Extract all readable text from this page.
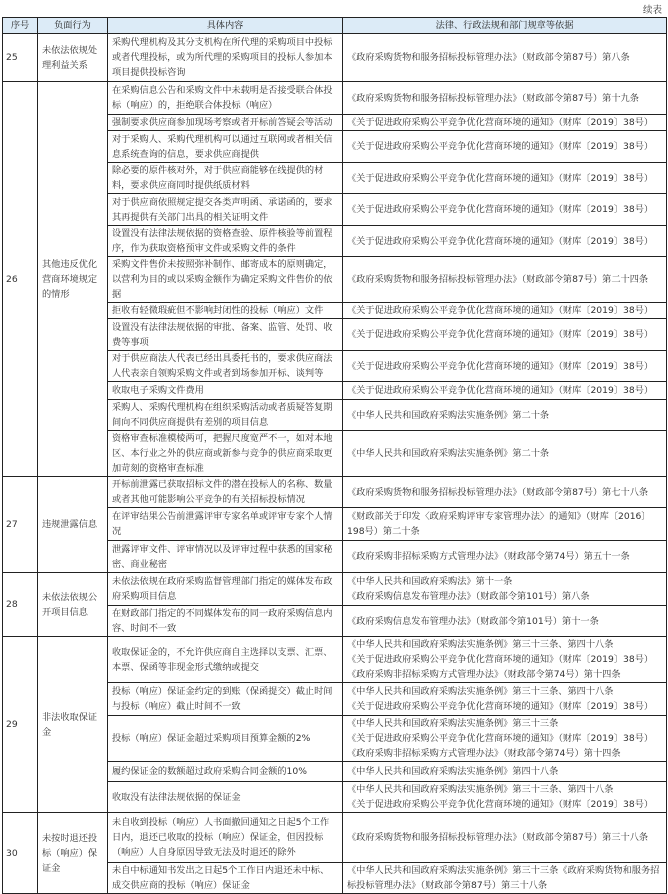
续表
序号	负面行为	具体内容	法律、行政法规和部门规章等依据
25	未依法依规处理利益关系	采购代理机构及其分支机构在所代理的采购项目中投标或者代理投标，或为所代理的采购项目的投标人参加本项目提供投标咨询	《政府采购货物和服务招标投标管理办法》（财政部令第87号）第八条

26	其他违反优化营商环境规定的情形	在采购信息公告和采购文件中未载明是否接受联合体投标（响应）的，拒绝联合体投标（响应）	《政府采购货物和服务招标投标管理办法》（财政部令第87号）第十九条

		强制要求供应商参加现场考察或者开标前答疑会等活动	《关于促进政府采购公平竞争优化营商环境的通知》（财库〔2019〕38号）

		对于采购人、采购代理机构可以通过互联网或者相关信息系统查询的信息，要求供应商提供	《关于促进政府采购公平竞争优化营商环境的通知》（财库〔2019〕38号）

		除必要的原件核对外，对于供应商能够在线提供的材料，要求供应商同时提供纸质材料	《关于促进政府采购公平竞争优化营商环境的通知》（财库〔2019〕38号）

		对于供应商依照规定提交各类声明函、承诺函的，要求其再提供有关部门出具的相关证明文件	《关于促进政府采购公平竞争优化营商环境的通知》（财库〔2019〕38号）

		设置没有法律法规依据的资格查验、原件核验等前置程序，作为获取资格预审文件或采购文件的条件	《关于促进政府采购公平竞争优化营商环境的通知》（财库〔2019〕38号）

		采购文件售价未按照弥补制作、邮寄成本的原则确定，以营利为目的或以采购金额作为确定采购文件售价的依据	《政府采购货物和服务招标投标管理办法》（财政部令第87号）第二十四条

		拒收有轻微瑕疵但不影响封闭性的投标（响应）文件	《关于促进政府采购公平竞争优化营商环境的通知》（财库〔2019〕38号）

		设置没有法律法规依据的审批、备案、监管、处罚、收费等事项	《关于促进政府采购公平竞争优化营商环境的通知》（财库〔2019〕38号）

		对于供应商法人代表已经出具委托书的，要求供应商法人代表亲自领购采购文件或者到场参加开标、谈判等	《关于促进政府采购公平竞争优化营商环境的通知》（财库〔2019〕38号）

		收取电子采购文件费用	《关于促进政府采购公平竞争优化营商环境的通知》（财库〔2019〕38号）

		采购人、采购代理机构在组织采购活动或者质疑答复期间向不同供应商提供有差别的项目信息	《中华人民共和国政府采购法实施条例》第二十条

		资格审查标准模棱两可，把握尺度宽严不一，如对本地区、本行业之外的供应商或新参与竞争的供应商采取更加苛刻的资格审查标准	《中华人民共和国政府采购法实施条例》第二十条

27	违规泄露信息	开标前泄露已获取招标文件的潜在投标人的名称、数量或者其他可能影响公平竞争的有关招标投标情况	《政府采购货物和服务招标投标管理办法》（财政部令第87号）第七十八条

		在评审结果公告前泄露评审专家名单或评审专家个人情况	《财政部关于印发〈政府采购评审专家管理办法〉的通知》（财库〔2016〕198号）第二十条

		泄露评审文件、评审情况以及评审过程中获悉的国家秘密、商业秘密	《政府采购非招标采购方式管理办法》（财政部令第74号）第五十一条

28	未依法依规公开项目信息	未依法依规在政府采购监督管理部门指定的媒体发布政府采购项目信息	《中华人民共和国政府采购法》第十一条
《政府采购信息发布管理办法》（财政部令第101号）第八条

		在财政部门指定的不同媒体发布的同一政府采购信息内容、时间不一致	《政府采购信息发布管理办法》（财政部令第101号）第十一条

29	非法收取保证金	收取保证金的，不允许供应商自主选择以支票、汇票、本票、保函等非现金形式缴纳或提交	《中华人民共和国政府采购法实施条例》第三十三条、第四十八条
《关于促进政府采购公平竞争优化营商环境的通知》（财库〔2019〕38号）
《政府采购非招标采购方式管理办法》（财政部令第74号）第十四条

		投标（响应）保证金约定的到账（保函提交）截止时间与投标（响应）截止时间不一致	《中华人民共和国政府采购法实施条例》第三十三条、第四十八条
《关于促进政府采购公平竞争优化营商环境的通知》（财库〔2019〕38号）

		投标（响应）保证金超过采购项目预算金额的2%	《中华人民共和国政府采购法实施条例》第三十三条
《关于促进政府采购公平竞争优化营商环境的通知》（财库〔2019〕38号）
《政府采购非招标采购方式管理办法》（财政部令第74号）第十四条

		履约保证金的数额超过政府采购合同金额的10%	《中华人民共和国政府采购法实施条例》第四十八条

		收取没有法律法规依据的保证金	《中华人民共和国政府采购法实施条例》第三十三条、第四十八条
《关于促进政府采购公平竞争优化营商环境的通知》（财库〔2019〕38号）

30	未按时退还投标（响应）保证金	未自收到投标（响应）人书面撤回通知之日起5个工作日内，退还已收取的投标（响应）保证金，但因投标（响应）人自身原因导致无法及时退还的除外	《政府采购货物和服务招标投标管理办法》（财政部令第87号）第三十八条

		未自中标通知书发出之日起5个工作日内退还未中标、成交供应商的投标（响应）保证金	《中华人民共和国政府采购法实施条例》第三十三条《政府采购货物和服务招标投标管理办法》（财政部令第87号）第三十八条
